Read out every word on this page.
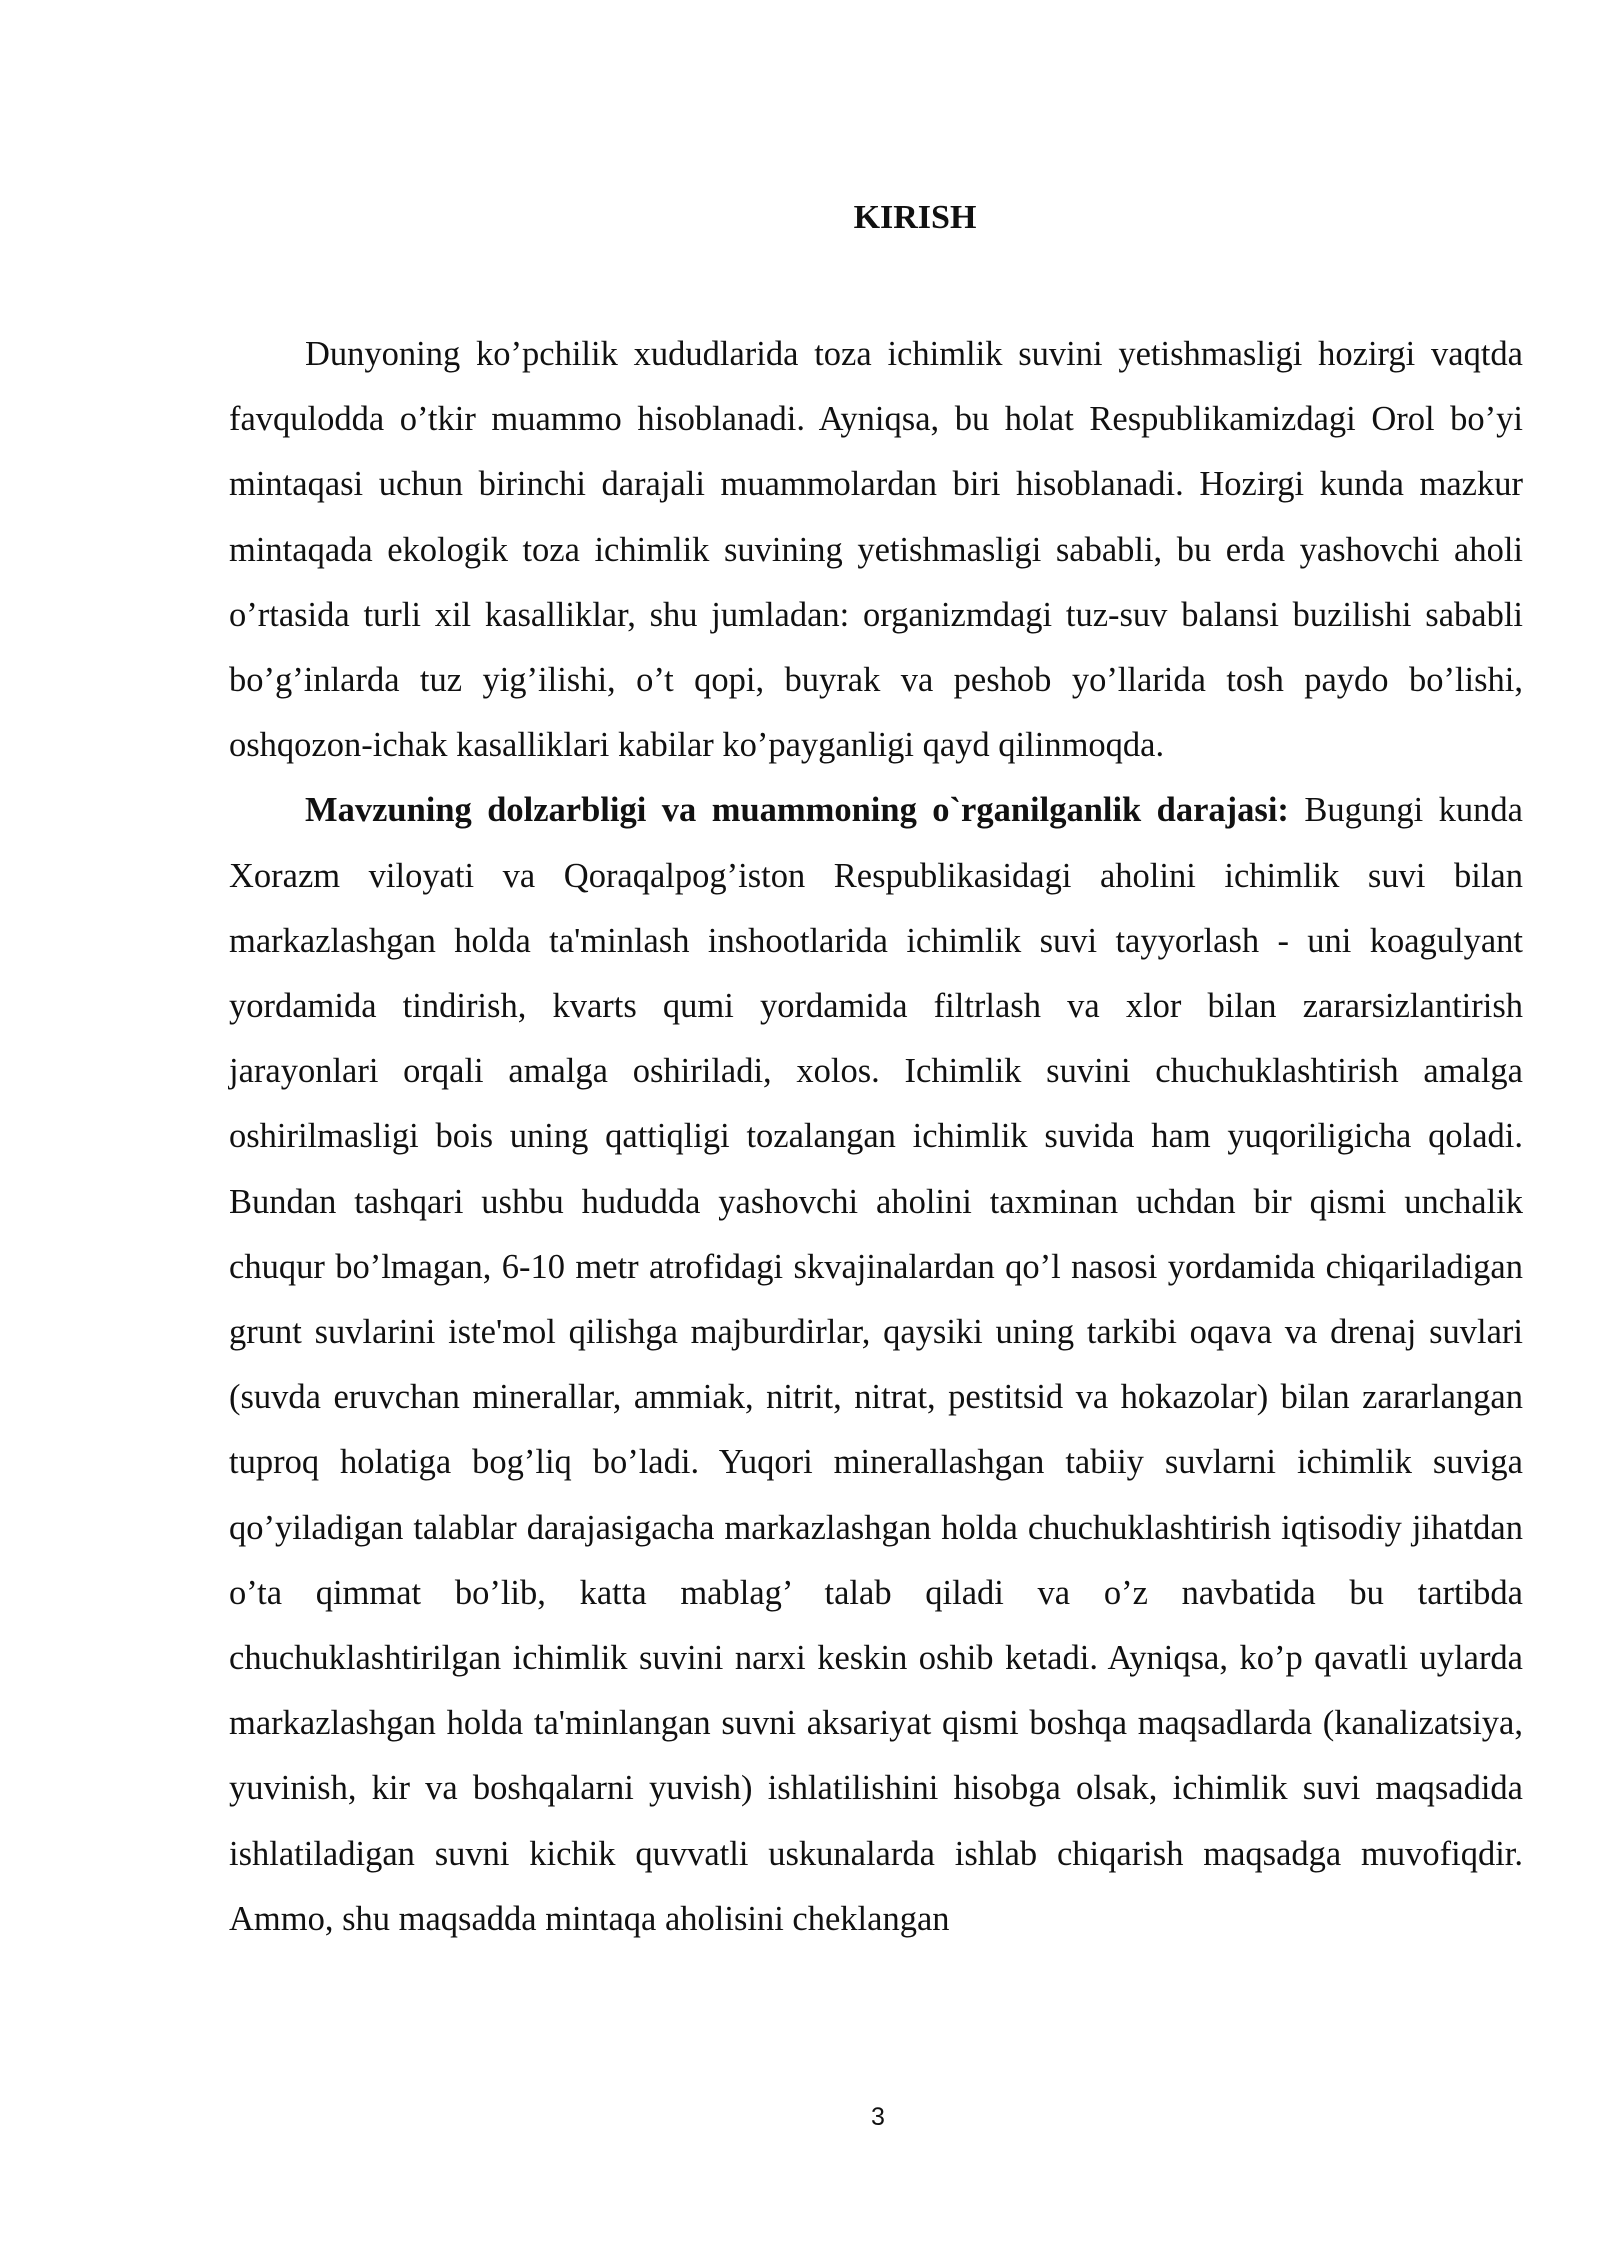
KIRISH

Dunyoning ko’pchilik xududlarida toza ichimlik suvini yetishmasligi hozirgi vaqtda favqulodda o’tkir muammo hisoblanadi. Ayniqsa, bu holat Respublikamizdagi Orol bo’yi mintaqasi uchun birinchi darajali muammolardan biri hisoblanadi. Hozirgi kunda mazkur mintaqada ekologik toza ichimlik suvining yetishmasligi sababli, bu erda yashovchi aholi o’rtasida turli xil kasalliklar, shu jumladan: organizmdagi tuz-suv balansi buzilishi sababli bo’g’inlarda tuz yig’ilishi, o’t qopi, buyrak va peshob yo’llarida tosh paydo bo’lishi, oshqozon-ichak kasalliklari kabilar ko’payganligi qayd qilinmoqda.

Mavzuning dolzarbligi va muammoning o`rganilganlik darajasi: Bugungi kunda Xorazm viloyati va Qoraqalpog’iston Respublikasidagi aholini ichimlik suvi bilan markazlashgan holda ta'minlash inshootlarida ichimlik suvi tayyorlash - uni koagulyant yordamida tindirish, kvarts qumi yordamida filtrlash va xlor bilan zararsizlantirish jarayonlari orqali amalga oshiriladi, xolos. Ichimlik suvini chuchuklashtirish amalga oshirilmasligi bois uning qattiqligi tozalangan ichimlik suvida ham yuqoriligicha qoladi. Bundan tashqari ushbu hududda yashovchi aholini taxminan uchdan bir qismi unchalik chuqur bo’lmagan, 6-10 metr atrofidagi skvajinalardan qo’l nasosi yordamida chiqariladigan grunt suvlarini iste'mol qilishga majburdirlar, qaysiki uning tarkibi oqava va drenaj suvlari (suvda eruvchan minerallar, ammiak, nitrit, nitrat, pestitsid va hokazolar) bilan zararlangan tuproq holatiga bog’liq bo’ladi. Yuqori minerallashgan tabiiy suvlarni ichimlik suviga qo’yiladigan talablar darajasigacha markazlashgan holda chuchuklashtirish iqtisodiy jihatdan o’ta qimmat bo’lib, katta mablag’ talab qiladi va o’z navbatida bu tartibda chuchuklashtirilgan ichimlik suvini narxi keskin oshib ketadi. Ayniqsa, ko’p qavatli uylarda markazlashgan holda ta'minlangan suvni aksariyat qismi boshqa maqsadlarda (kanalizatsiya, yuvinish, kir va boshqalarni yuvish) ishlatilishini hisobga olsak, ichimlik suvi maqsadida ishlatiladigan suvni kichik quvvatli uskunalarda ishlab chiqarish maqsadga muvofiqdir. Ammo, shu maqsadda mintaqa aholisini cheklangan

3
